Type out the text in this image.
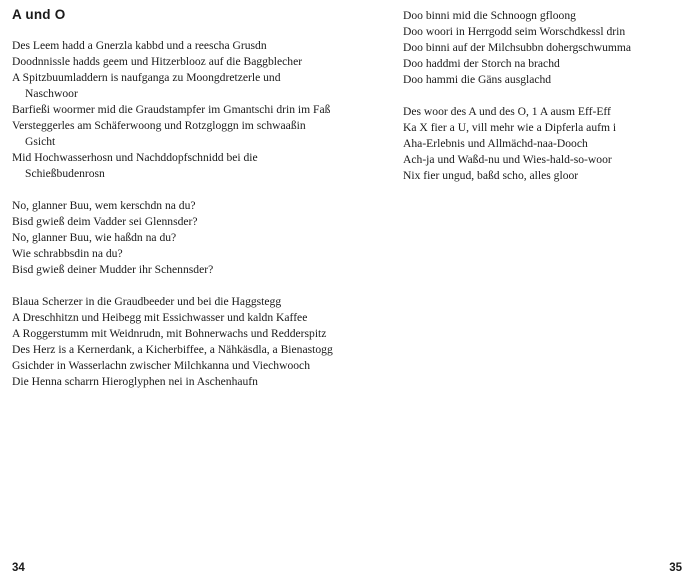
A und O
Des Leem hadd a Gnerzla kabbd und a reescha Grusdn
Doodnnissle hadds geem und Hitzerblooz auf die Baggblecher
A Spitzbuumladdern is naufganga zu Moongdretzerle und Naschwoor
Barfießi woormer mid die Graudstampfer im Gmantschi drin im Faß
Versteggerles am Schäferwoong und Rotzgloggn im schwaaßin Gsicht
Mid Hochwasserhosn und Nachddopfschnidd bei die Schießbudenrosn
No, glanner Buu, wem kerschdn na du?
Bisd gwieß deim Vadder sei Glennsder?
No, glanner Buu, wie haßdn na du?
Wie schrabbsdin na du?
Bisd gwieß deiner Mudder ihr Schennsder?
Blaua Scherzer in die Graudbeeder und bei die Haggstegg
A Dreschhitzn und Heibegg mit Essichwasser und kaldn Kaffee
A Roggerstumm mit Weidnrudn, mit Bohnerwachs und Redderspitz
Des Herz is a Kernerdank, a Kicherbiffee, a Nähkäsdla, a Bienastogg
Gsichder in Wasserlachn zwischer Milchkanna und Viechwooch
Die Henna scharrn Hieroglyphen nei in Aschenhaufn
34
Doo binni mid die Schnoogn gfloong
Doo woori in Herrgodd seim Worschdkessl drin
Doo binni auf der Milchsubbn dohergschwumma
Doo haddmi der Storch na brachd
Doo hammi die Gäns ausglachd
Des woor des A und des O, 1 A ausm Eff-Eff
Ka X fier a U, vill mehr wie a Dipferla aufm i
Aha-Erlebnis und Allmächd-naa-Dooch
Ach-ja und Waßd-nu und Wies-hald-so-woor
Nix fier ungud, baßd scho, alles gloor
35
